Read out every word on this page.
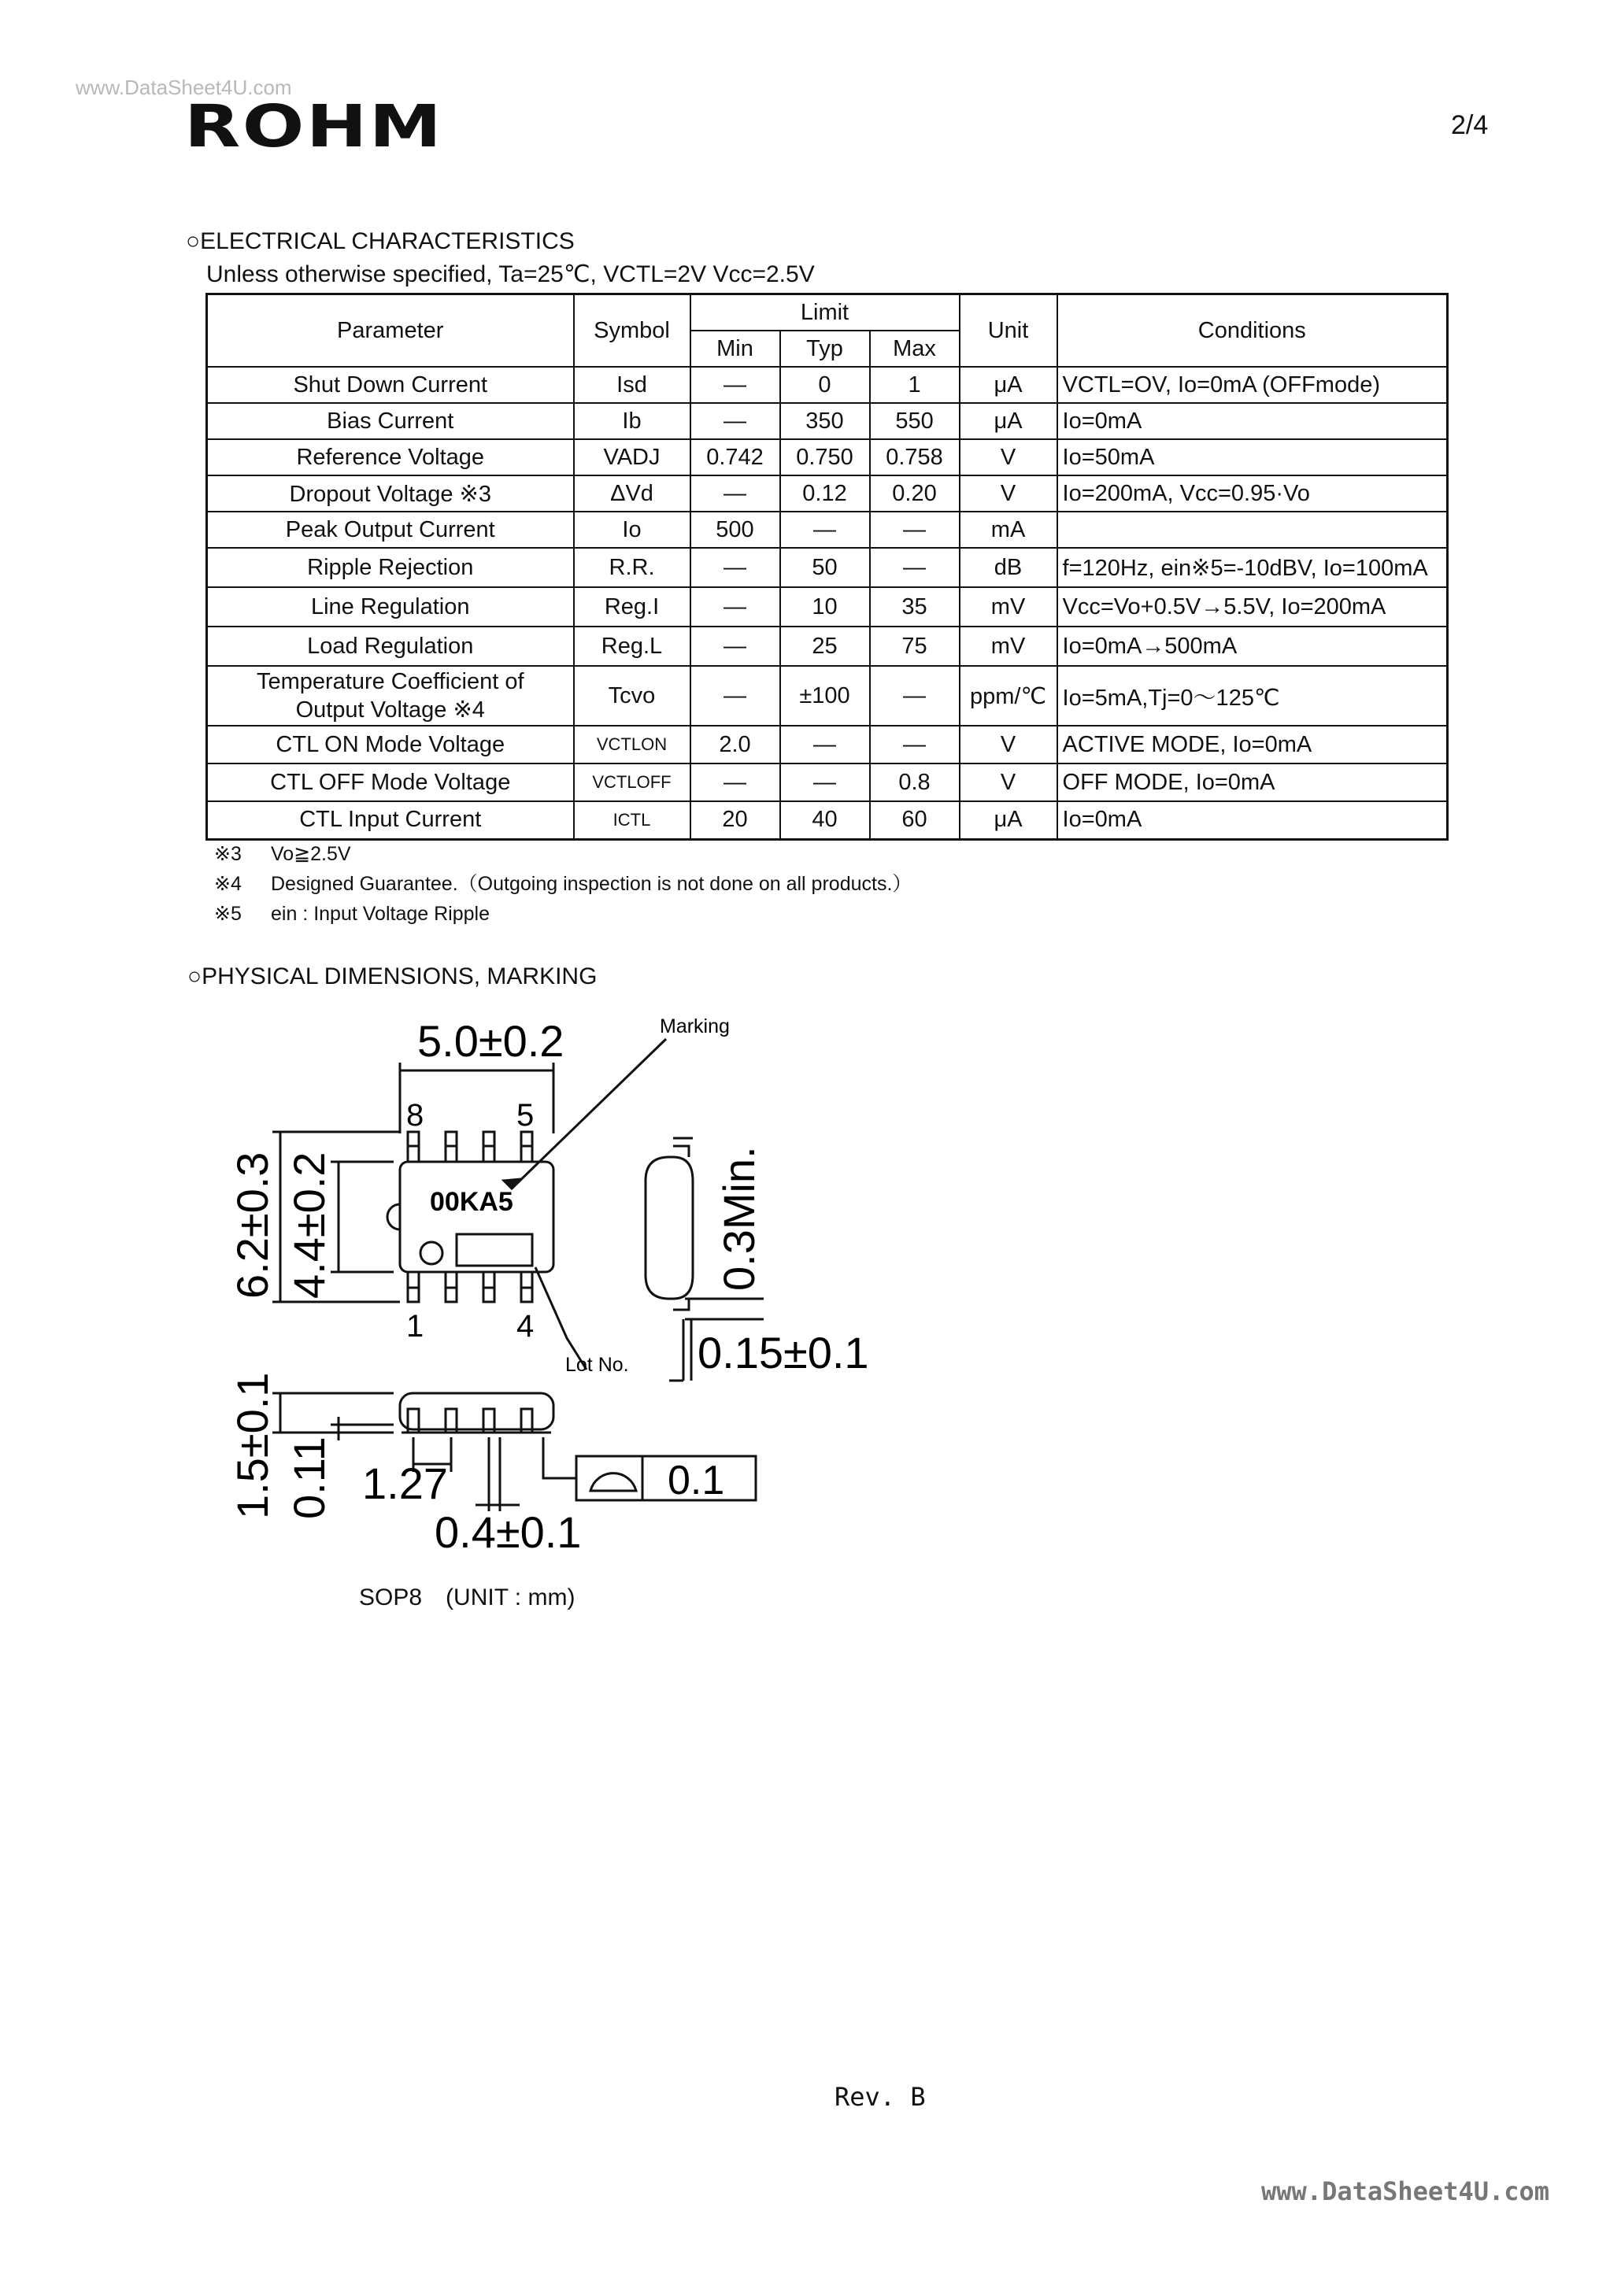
www.DataSheet4U.com
ROHM	2/4
○ELECTRICAL CHARACTERISTICS
Unless otherwise specified, Ta=25℃, VCTL=2V Vcc=2.5V
Parameter	Symbol	Limit			Unit	Conditions
		Min	Typ	Max		
Shut Down Current	Isd	—	0	1	μA	VCTL=OV, Io=0mA (OFFmode)
Bias Current	Ib	—	350	550	μA	Io=0mA
Reference Voltage	VADJ	0.742	0.750	0.758	V	Io=50mA
Dropout Voltage ※3	ΔVd	—	0.12	0.20	V	Io=200mA, Vcc=0.95·Vo
Peak Output Current	Io	500	—	—	mA	
Ripple Rejection	R.R.	—	50	—	dB	f=120Hz, ein※5=-10dBV, Io=100mA
Line Regulation	Reg.I	—	10	35	mV	Vcc=Vo+0.5V→5.5V, Io=200mA
Load Regulation	Reg.L	—	25	75	mV	Io=0mA→500mA

Temperature Coefficient of
Output Voltage ※4	Tcvo	—	±100	—	ppm/℃	Io=5mA,Tj=0～125℃
CTL ON Mode Voltage	VCTLON	2.0	—	—	V	ACTIVE MODE, Io=0mA
CTL OFF Mode Voltage	VCTLOFF	—	—	0.8	V	OFF MODE, Io=0mA
CTL Input Current	ICTL	20	40	60	μA	Io=0mA
※3 Vo≧2.5V
※4 Designed Guarantee.（Outgoing inspection is not done on all products.）
※5 ein : Input Voltage Ripple
○PHYSICAL DIMENSIONS, MARKING
5.0±0.2
8	5
1	4
Marking
00KA5
Lot No.
6.2±0.3 4.4±0.2	0.3Min.
0.15±0.1
1.5±0.1 0.11 1.27
0.4±0.1
0.1
SOP8　(UNIT : mm)
Rev. B
www.DataSheet4U.com
